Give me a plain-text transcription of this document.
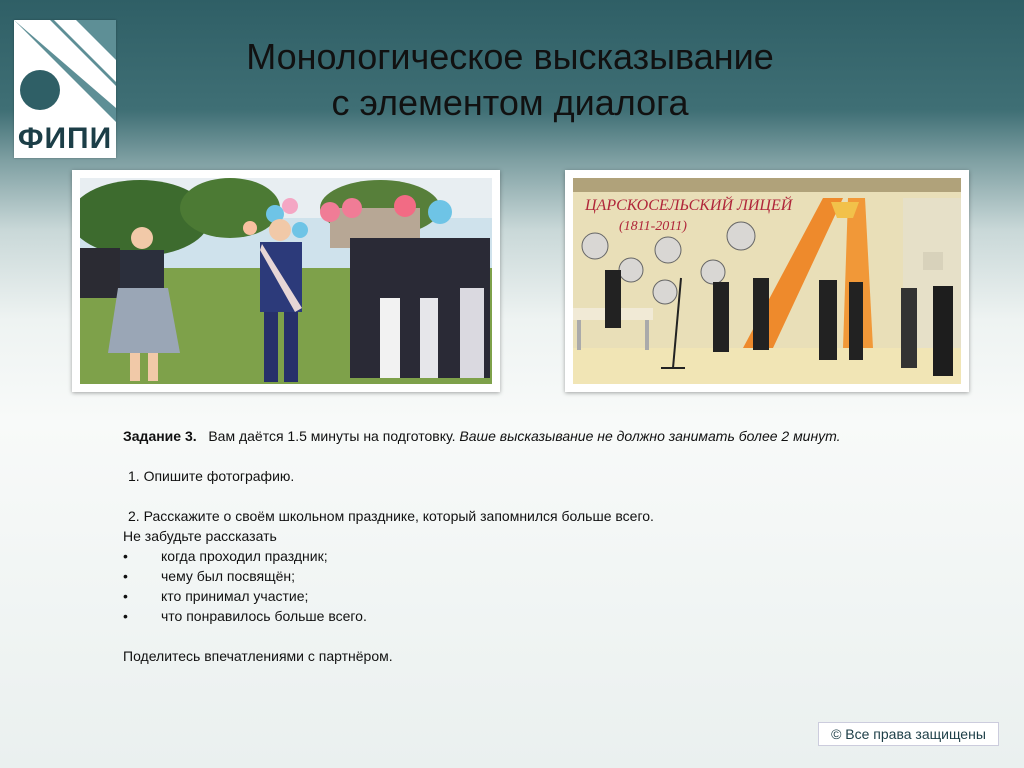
ФИПИ
Монологическое высказывание
с элементом диалога
ЦАРСКОСЕЛЬСКИЙ ЛИЦЕЙ
(1811-2011)

Задание 3. Вам даётся 1.5 минуты на подготовку. Ваше высказывание не должно занимать более 2 минут.

1. Опишите фотографию.

2. Расскажите о своём школьном празднике, который запомнился больше всего.

Не забудьте рассказать

• когда проходил праздник;

• чему был посвящён;

• кто принимал участие;

• что понравилось больше всего.

Поделитесь впечатлениями с партнёром.

© Все права защищены
